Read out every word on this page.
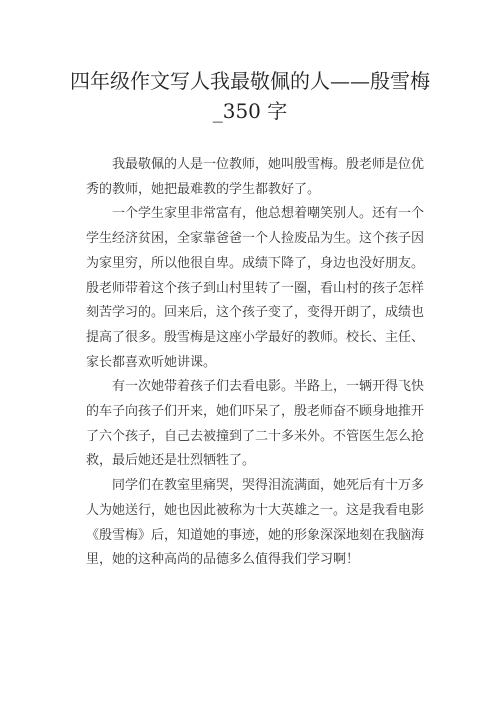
四年级作文写人我最敬佩的人——殷雪梅_350 字

我最敬佩的人是一位教师，她叫殷雪梅。殷老师是位优秀的教师，她把最难教的学生都教好了。

一个学生家里非常富有，他总想着嘲笑别人。还有一个学生经济贫困，全家靠爸爸一个人捡废品为生。这个孩子因为家里穷，所以他很自卑。成绩下降了，身边也没好朋友。殷老师带着这个孩子到山村里转了一圈，看山村的孩子怎样刻苦学习的。回来后，这个孩子变了，变得开朗了，成绩也提高了很多。殷雪梅是这座小学最好的教师。校长、主任、家长都喜欢听她讲课。

有一次她带着孩子们去看电影。半路上，一辆开得飞快的车子向孩子们开来，她们吓呆了，殷老师奋不顾身地推开了六个孩子，自己去被撞到了二十多米外。不管医生怎么抢救，最后她还是壮烈牺牲了。

同学们在教室里痛哭，哭得泪流满面，她死后有十万多人为她送行，她也因此被称为十大英雄之一。这是我看电影《殷雪梅》后，知道她的事迹，她的形象深深地刻在我脑海里，她的这种高尚的品德多么值得我们学习啊！
